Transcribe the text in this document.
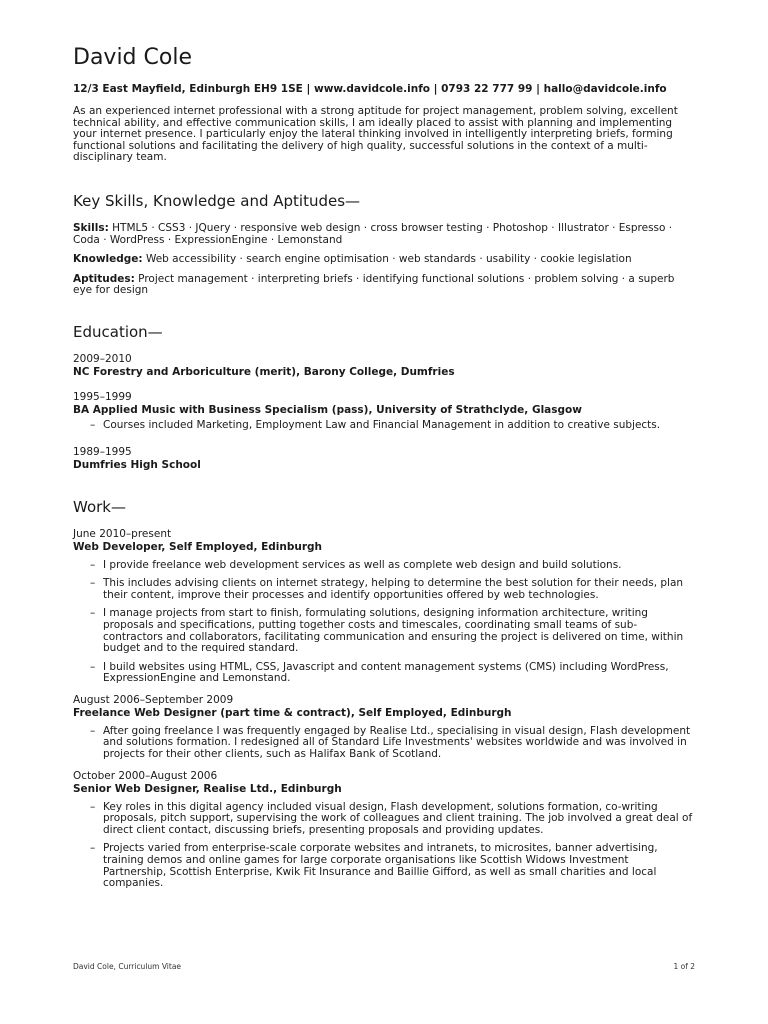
David Cole
12/3 East Mayfield, Edinburgh EH9 1SE | www.davidcole.info | 0793 22 777 99 | hallo@davidcole.info
As an experienced internet professional with a strong aptitude for project management, problem solving, excellent technical ability, and effective communication skills, I am ideally placed to assist with planning and implementing your internet presence. I particularly enjoy the lateral thinking involved in intelligently interpreting briefs, forming functional solutions and facilitating the delivery of high quality, successful solutions in the context of a multi-disciplinary team.
Key Skills, Knowledge and Aptitudes—
Skills: HTML5 · CSS3 · JQuery · responsive web design · cross browser testing · Photoshop · Illustrator · Espresso · Coda · WordPress · ExpressionEngine · Lemonstand
Knowledge: Web accessibility · search engine optimisation · web standards · usability · cookie legislation
Aptitudes: Project management · interpreting briefs · identifying functional solutions · problem solving · a superb eye for design
Education—
2009–2010
NC Forestry and Arboriculture (merit), Barony College, Dumfries
1995–1999
BA Applied Music with Business Specialism (pass), University of Strathclyde, Glasgow
– Courses included Marketing, Employment Law and Financial Management in addition to creative subjects.
1989–1995
Dumfries High School
Work—
June 2010–present
Web Developer, Self Employed, Edinburgh
– I provide freelance web development services as well as complete web design and build solutions.
– This includes advising clients on internet strategy, helping to determine the best solution for their needs, plan their content, improve their processes and identify opportunities offered by web technologies.
– I manage projects from start to finish, formulating solutions, designing information architecture, writing proposals and specifications, putting together costs and timescales, coordinating small teams of sub-contractors and collaborators, facilitating communication and ensuring the project is delivered on time, within budget and to the required standard.
– I build websites using HTML, CSS, Javascript and content management systems (CMS) including WordPress, ExpressionEngine and Lemonstand.
August 2006–September 2009
Freelance Web Designer (part time & contract), Self Employed, Edinburgh
– After going freelance I was frequently engaged by Realise Ltd., specialising in visual design, Flash development and solutions formation. I redesigned all of Standard Life Investments' websites worldwide and was involved in projects for their other clients, such as Halifax Bank of Scotland.
October 2000–August 2006
Senior Web Designer, Realise Ltd., Edinburgh
– Key roles in this digital agency included visual design, Flash development, solutions formation, co-writing proposals, pitch support, supervising the work of colleagues and client training. The job involved a great deal of direct client contact, discussing briefs, presenting proposals and providing updates.
– Projects varied from enterprise-scale corporate websites and intranets, to microsites, banner advertising, training demos and online games for large corporate organisations like Scottish Widows Investment Partnership, Scottish Enterprise, Kwik Fit Insurance and Baillie Gifford, as well as small charities and local companies.
David Cole, Curriculum Vitae	1 of 2
